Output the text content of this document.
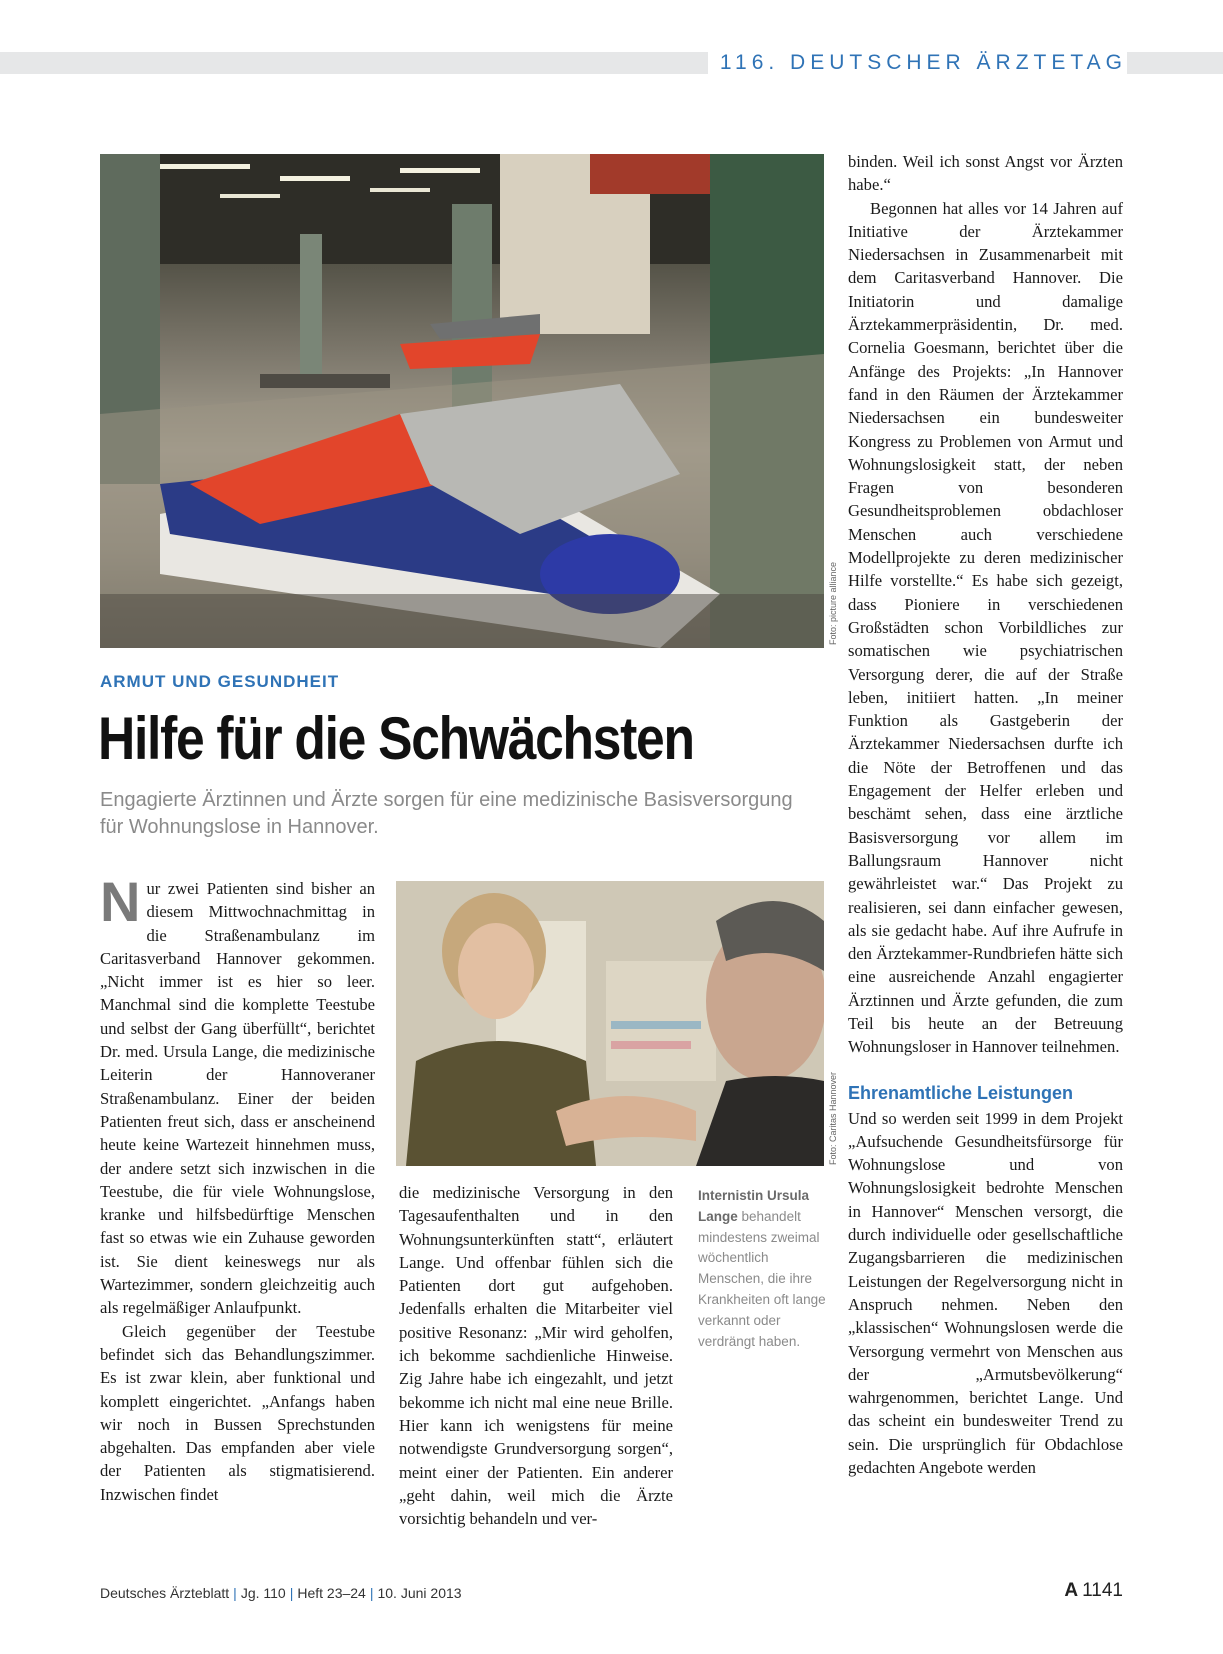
116. DEUTSCHER ÄRZTETAG
Foto: picture alliance
ARMUT UND GESUNDHEIT
Hilfe für die Schwächsten
Engagierte Ärztinnen und Ärzte sorgen für eine medizinische Basisversorgung für Wohnungslose in Hannover.

Nur zwei Patienten sind bisher an diesem Mittwochnachmittag in die Straßenambulanz im Caritasverband Hannover gekommen. „Nicht immer ist es hier so leer. Manchmal sind die komplette Teestube und selbst der Gang überfüllt“, berichtet Dr. med. Ursula Lange, die medizinische Leiterin der Hannoveraner Straßenambulanz. Einer der beiden Patienten freut sich, dass er anscheinend heute keine Wartezeit hinnehmen muss, der andere setzt sich inzwischen in die Teestube, die für viele Wohnungslose, kranke und hilfsbedürftige Menschen fast so etwas wie ein Zuhause geworden ist. Sie dient keineswegs nur als Wartezimmer, sondern gleichzeitig auch als regelmäßiger Anlaufpunkt.

Gleich gegenüber der Teestube befindet sich das Behandlungszimmer. Es ist zwar klein, aber funktional und komplett eingerichtet. „Anfangs haben wir noch in Bussen Sprechstunden abgehalten. Das empfanden aber viele der Patienten als stigmatisierend. Inzwischen findet

Foto: Caritas Hannover

die medizinische Versorgung in den Tagesaufenthalten und in den Wohnungsunterkünften statt“, erläutert Lange. Und offenbar fühlen sich die Patienten dort gut aufgehoben. Jedenfalls erhalten die Mitarbeiter viel positive Resonanz: „Mir wird geholfen, ich bekomme sachdienliche Hinweise. Zig Jahre habe ich eingezahlt, und jetzt bekomme ich nicht mal eine neue Brille. Hier kann ich wenigstens für meine notwendigste Grundversorgung sorgen“, meint einer der Patienten. Ein anderer „geht dahin, weil mich die Ärzte vorsichtig behandeln und ver-

Internistin Ursula Lange behandelt mindestens zweimal wöchentlich Menschen, die ihre Krankheiten oft lange verkannt oder verdrängt haben.

binden. Weil ich sonst Angst vor Ärzten habe.“

Begonnen hat alles vor 14 Jahren auf Initiative der Ärztekammer Niedersachsen in Zusammenarbeit mit dem Caritasverband Hannover. Die Initiatorin und damalige Ärztekammerpräsidentin, Dr. med. Cornelia Goesmann, berichtet über die Anfänge des Projekts: „In Hannover fand in den Räumen der Ärztekammer Niedersachsen ein bundesweiter Kongress zu Problemen von Armut und Wohnungslosigkeit statt, der neben Fragen von besonderen Gesundheitsproblemen obdachloser Menschen auch verschiedene Modellprojekte zu deren medizinischer Hilfe vorstellte.“ Es habe sich gezeigt, dass Pioniere in verschiedenen Großstädten schon Vorbildliches zur somatischen wie psychiatrischen Versorgung derer, die auf der Straße leben, initiiert hatten. „In meiner Funktion als Gastgeberin der Ärztekammer Niedersachsen durfte ich die Nöte der Betroffenen und das Engagement der Helfer erleben und beschämt sehen, dass eine ärztliche Basisversorgung vor allem im Ballungsraum Hannover nicht gewährleistet war.“ Das Projekt zu realisieren, sei dann einfacher gewesen, als sie gedacht habe. Auf ihre Aufrufe in den Ärztekammer-Rundbriefen hätte sich eine ausreichende Anzahl engagierter Ärztinnen und Ärzte gefunden, die zum Teil bis heute an der Betreuung Wohnungsloser in Hannover teilnehmen.

Ehrenamtliche Leistungen

Und so werden seit 1999 in dem Projekt „Aufsuchende Gesundheitsfürsorge für Wohnungslose und von Wohnungslosigkeit bedrohte Menschen in Hannover“ Menschen versorgt, die durch individuelle oder gesellschaftliche Zugangsbarrieren die medizinischen Leistungen der Regelversorgung nicht in Anspruch nehmen. Neben den „klassischen“ Wohnungslosen werde die Versorgung vermehrt von Menschen aus der „Armutsbevölkerung“ wahrgenommen, berichtet Lange. Und das scheint ein bundesweiter Trend zu sein. Die ursprünglich für Obdachlose gedachten Angebote werden

Deutsches Ärzteblatt | Jg. 110 | Heft 23–24 | 10. Juni 2013	A 1141
